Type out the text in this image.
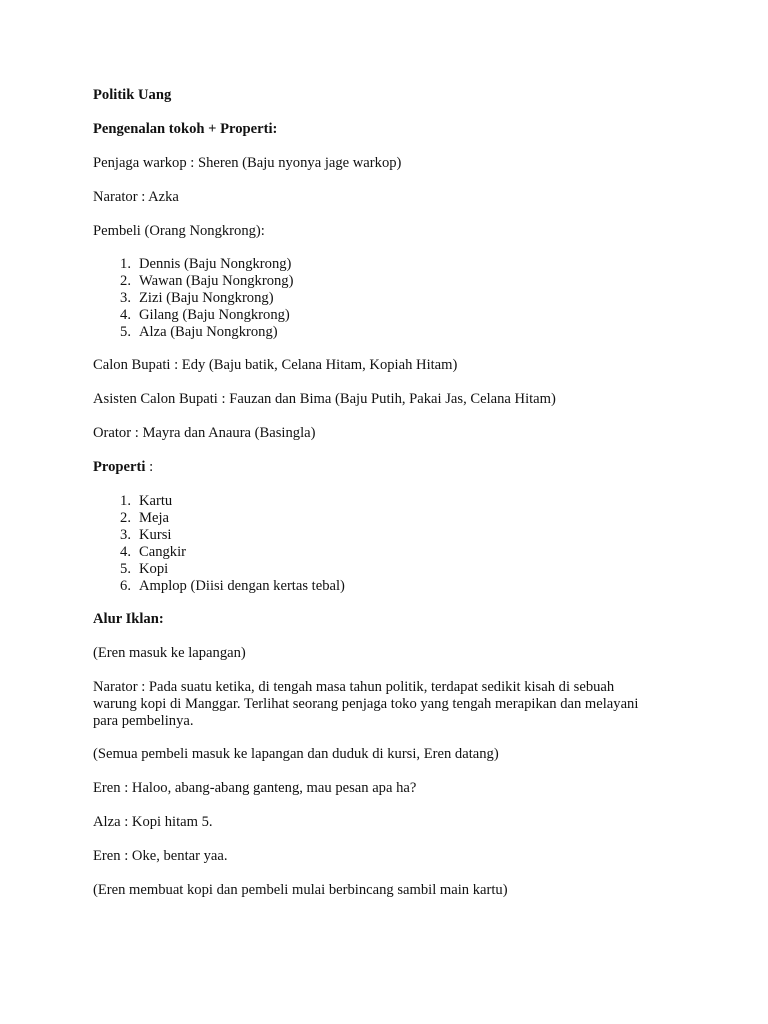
Politik Uang
Pengenalan tokoh + Properti:
Penjaga warkop : Sheren (Baju nyonya jage warkop)
Narator : Azka
Pembeli (Orang Nongkrong):
1. Dennis (Baju Nongkrong)
2. Wawan (Baju Nongkrong)
3. Zizi (Baju Nongkrong)
4. Gilang (Baju Nongkrong)
5. Alza (Baju Nongkrong)
Calon Bupati : Edy (Baju batik, Celana Hitam, Kopiah Hitam)
Asisten Calon Bupati : Fauzan dan Bima (Baju Putih, Pakai Jas, Celana Hitam)
Orator : Mayra dan Anaura (Basingla)
Properti :
1. Kartu
2. Meja
3. Kursi
4. Cangkir
5. Kopi
6. Amplop (Diisi dengan kertas tebal)
Alur Iklan:
(Eren masuk ke lapangan)
Narator : Pada suatu ketika, di tengah masa tahun politik, terdapat sedikit kisah di sebuah
warung kopi di Manggar. Terlihat seorang penjaga toko yang tengah merapikan dan melayani
para pembelinya.
(Semua pembeli masuk ke lapangan dan duduk di kursi, Eren datang)
Eren : Haloo, abang-abang ganteng, mau pesan apa ha?
Alza : Kopi hitam 5.
Eren : Oke, bentar yaa.
(Eren membuat kopi dan pembeli mulai berbincang sambil main kartu)
